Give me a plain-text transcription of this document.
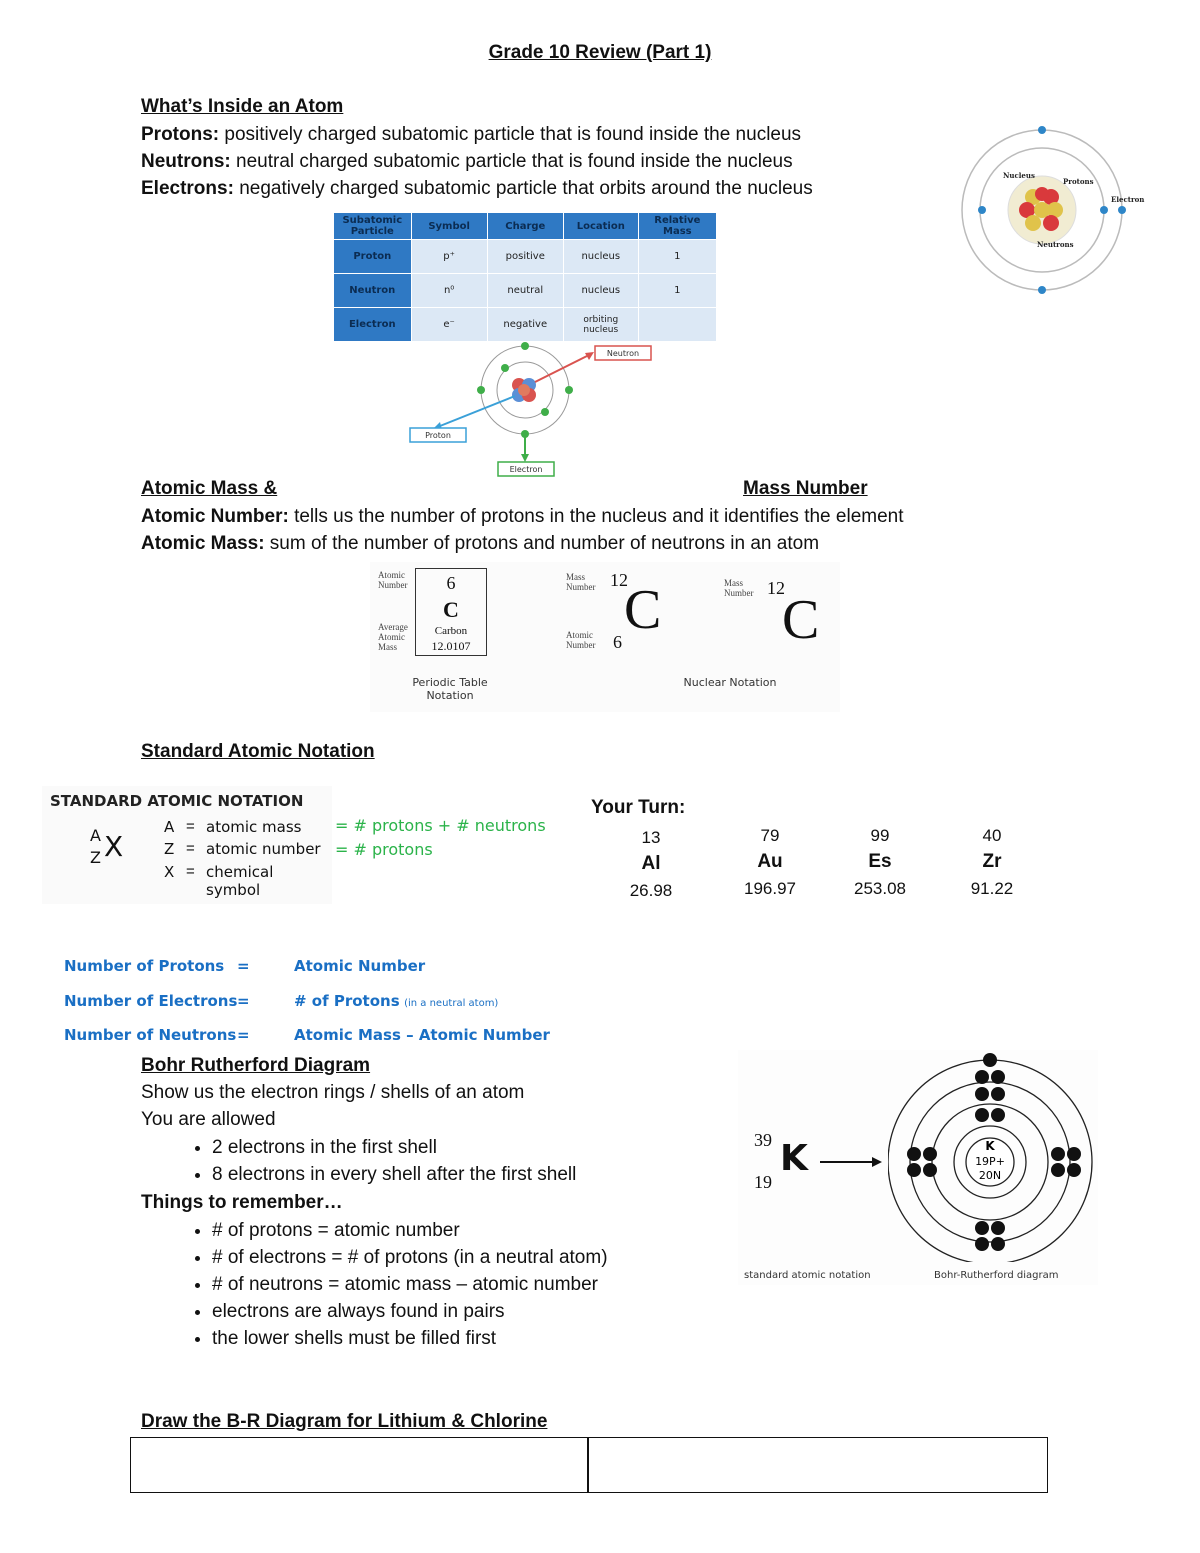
Grade 10 Review (Part 1)
What’s Inside an Atom
Protons: positively charged subatomic particle that is found inside the nucleus
Neutrons: neutral charged subatomic particle that is found inside the nucleus
Electrons: negatively charged subatomic particle that orbits around the nucleus
Subatomic Particle	Symbol	Charge	Location	Relative Mass
Proton	p⁺	positive	nucleus	1
Neutron	n⁰	neutral	nucleus	1
Electron	e⁻	negative	orbiting nucleus	
Neutron
Proton
Electron
Nucleus
Protons
Electron
Neutrons
Atomic Mass &	Mass Number
Atomic Number: tells us the number of protons in the nucleus and it identifies the element
Atomic Mass: sum of the number of protons and number of neutrons in an atom
Atomic Number
Average Atomic Mass
6
C
Carbon
12.0107
Periodic Table Notation
Mass Number 12
C
Atomic Number 6
Mass Number 12
C
Nuclear Notation
Standard Atomic Notation
STANDARD ATOMIC NOTATION
A
Z X
A = atomic mass
Z = atomic number
X = chemical symbol
= # protons + # neutrons
= # protons
Your Turn:
13
Al
26.98
79
Au
196.97
99
Es
253.08
40
Zr
91.22
Number of Protons =	Atomic Number
Number of Electrons =	# of Protons (in a neutral atom)
Number of Neutrons =	Atomic Mass – Atomic Number
Bohr Rutherford Diagram
Show us the electron rings / shells of an atom
You are allowed
• 2 electrons in the first shell
• 8 electrons in every shell after the first shell
Things to remember…
• # of protons = atomic number
• # of electrons = # of protons (in a neutral atom)
• # of neutrons = atomic mass – atomic number
• electrons are always found in pairs
• the lower shells must be filled first
39
19
K	K
19P+
20N
standard atomic notation	Bohr-Rutherford diagram
Draw the B-R Diagram for Lithium & Chlorine
